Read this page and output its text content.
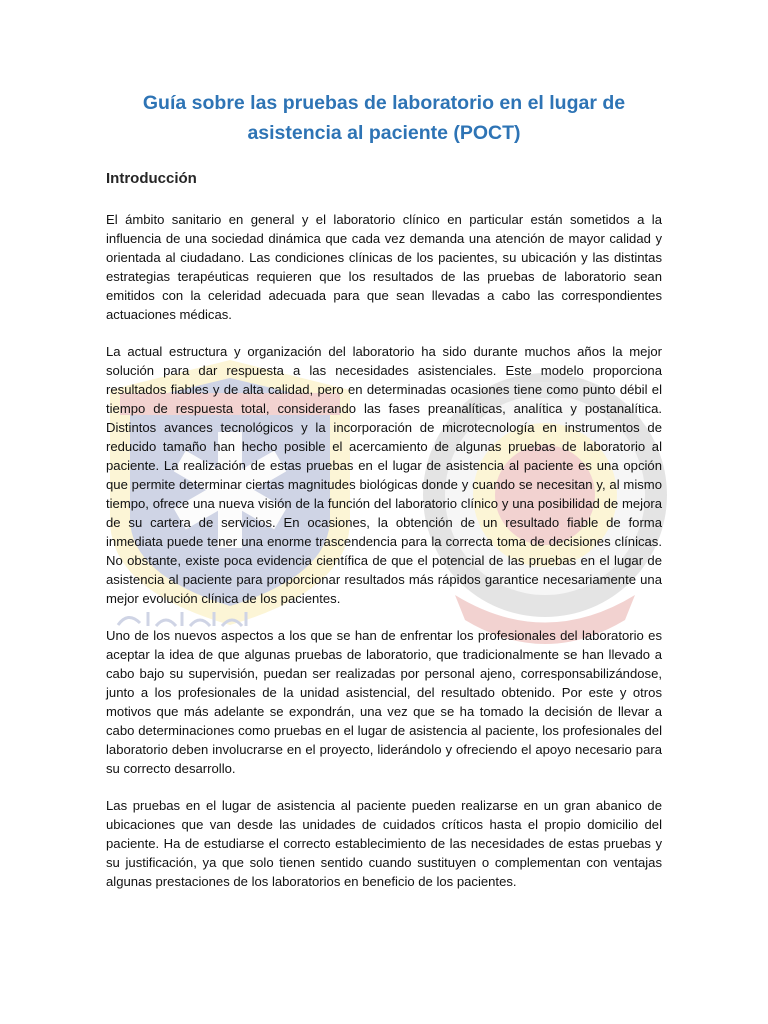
Guía sobre las pruebas de laboratorio en el lugar de asistencia al paciente (POCT)
Introducción

El ámbito sanitario en general y el laboratorio clínico en particular están sometidos a la influencia de una sociedad dinámica que cada vez demanda una atención de mayor calidad y orientada al ciudadano. Las condiciones clínicas de los pacientes, su ubicación y las distintas estrategias terapéuticas requieren que los resultados de las pruebas de laboratorio sean emitidos con la celeridad adecuada para que sean llevadas a cabo las correspondientes actuaciones médicas.

La actual estructura y organización del laboratorio ha sido durante muchos años la mejor solución para dar respuesta a las necesidades asistenciales. Este modelo proporciona resultados fiables y de alta calidad, pero en determinadas ocasiones tiene como punto débil el tiempo de respuesta total, considerando las fases preanalíticas, analítica y postanalítica. Distintos avances tecnológicos y la incorporación de microtecnología en instrumentos de reducido tamaño han hecho posible el acercamiento de algunas pruebas de laboratorio al paciente. La realización de estas pruebas en el lugar de asistencia al paciente es una opción que permite determinar ciertas magnitudes biológicas donde y cuando se necesitan y, al mismo tiempo, ofrece una nueva visión de la función del laboratorio clínico y una posibilidad de mejora de su cartera de servicios. En ocasiones, la obtención de un resultado fiable de forma inmediata puede tener una enorme trascendencia para la correcta toma de decisiones clínicas. No obstante, existe poca evidencia científica de que el potencial de las pruebas en el lugar de asistencia al paciente para proporcionar resultados más rápidos garantice necesariamente una mejor evolución clínica de los pacientes.

Uno de los nuevos aspectos a los que se han de enfrentar los profesionales del laboratorio es aceptar la idea de que algunas pruebas de laboratorio, que tradicionalmente se han llevado a cabo bajo su supervisión, puedan ser realizadas por personal ajeno, corresponsabilizándose, junto a los profesionales de la unidad asistencial, del resultado obtenido. Por este y otros motivos que más adelante se expondrán, una vez que se ha tomado la decisión de llevar a cabo determinaciones como pruebas en el lugar de asistencia al paciente, los profesionales del laboratorio deben involucrarse en el proyecto, liderándolo y ofreciendo el apoyo necesario para su correcto desarrollo.

Las pruebas en el lugar de asistencia al paciente pueden realizarse en un gran abanico de ubicaciones que van desde las unidades de cuidados críticos hasta el propio domicilio del paciente. Ha de estudiarse el correcto establecimiento de las necesidades de estas pruebas y su justificación, ya que solo tienen sentido cuando sustituyen o complementan con ventajas algunas prestaciones de los laboratorios en beneficio de los pacientes.
